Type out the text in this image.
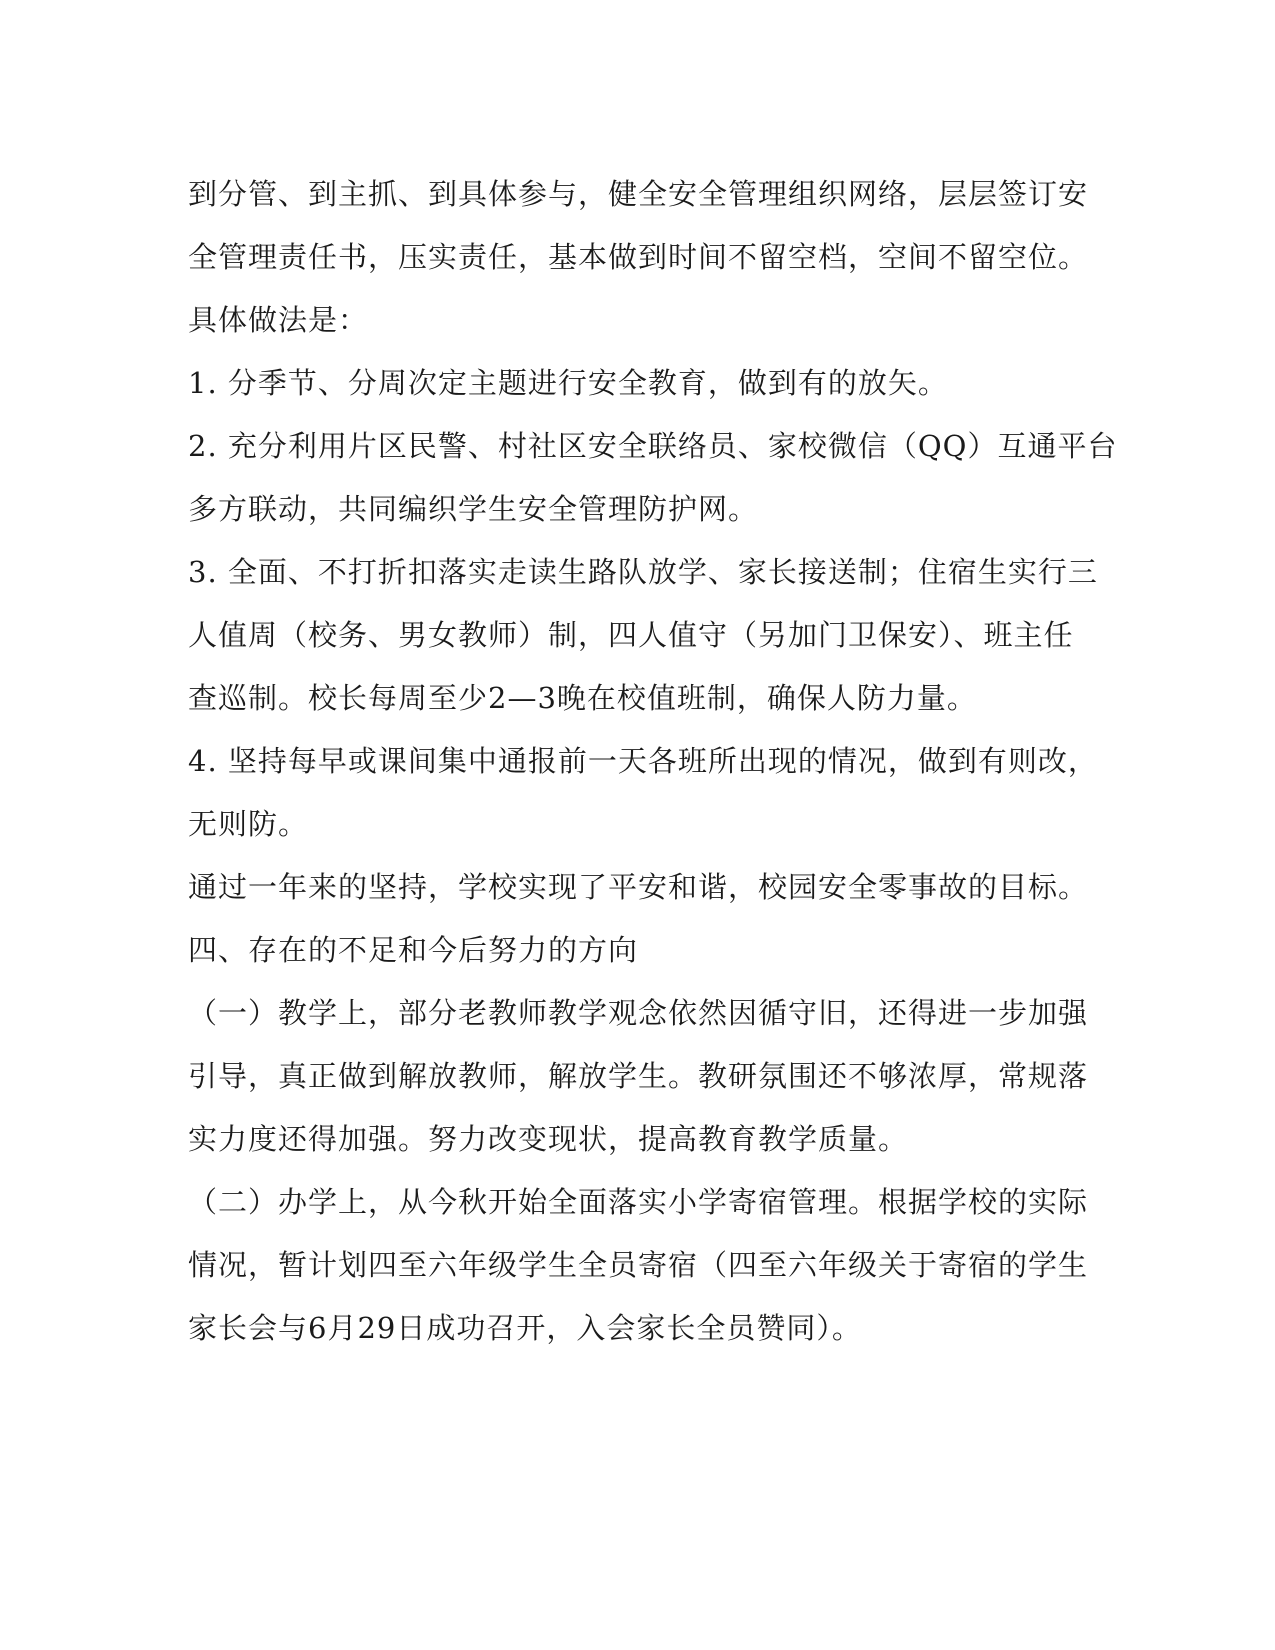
到分管、到主抓、到具体参与，健全安全管理组织网络，层层签订安
全管理责任书，压实责任，基本做到时间不留空档，空间不留空位。
具体做法是：
1. 分季节、分周次定主题进行安全教育，做到有的放矢。
2. 充分利用片区民警、村社区安全联络员、家校微信（QQ）互通平台
多方联动，共同编织学生安全管理防护网。
3. 全面、不打折扣落实走读生路队放学、家长接送制；住宿生实行三
人值周（校务、男女教师）制，四人值守（另加门卫保安）、班主任
查巡制。校长每周至少2—3晚在校值班制，确保人防力量。
4. 坚持每早或课间集中通报前一天各班所出现的情况，做到有则改，
无则防。
通过一年来的坚持，学校实现了平安和谐，校园安全零事故的目标。
四、存在的不足和今后努力的方向
（一）教学上，部分老教师教学观念依然因循守旧，还得进一步加强
引导，真正做到解放教师，解放学生。教研氛围还不够浓厚，常规落
实力度还得加强。努力改变现状，提高教育教学质量。
（二）办学上，从今秋开始全面落实小学寄宿管理。根据学校的实际
情况，暂计划四至六年级学生全员寄宿（四至六年级关于寄宿的学生
家长会与6月29日成功召开，入会家长全员赞同）。
